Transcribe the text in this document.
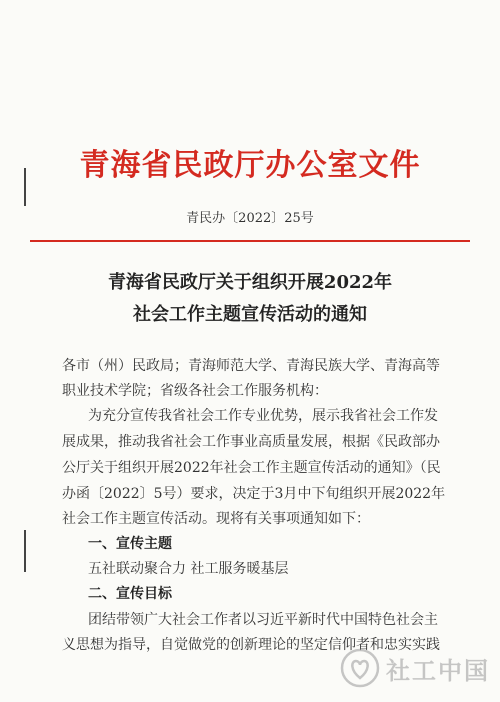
青海省民政厅办公室文件
青民办〔2022〕25号
青海省民政厅关于组织开展2022年
社会工作主题宣传活动的通知
各市（州）民政局；青海师范大学、青海民族大学、青海高等
职业技术学院；省级各社会工作服务机构：
为充分宣传我省社会工作专业优势，展示我省社会工作发
展成果，推动我省社会工作事业高质量发展，根据《民政部办
公厅关于组织开展2022年社会工作主题宣传活动的通知》（民
办函〔2022〕5号）要求，决定于3月中下旬组织开展2022年
社会工作主题宣传活动。现将有关事项通知如下：
一、宣传主题
五社联动聚合力 社工服务暖基层
二、宣传目标
团结带领广大社会工作者以习近平新时代中国特色社会主
义思想为指导，自觉做党的创新理论的坚定信仰者和忠实实践
社工中国
